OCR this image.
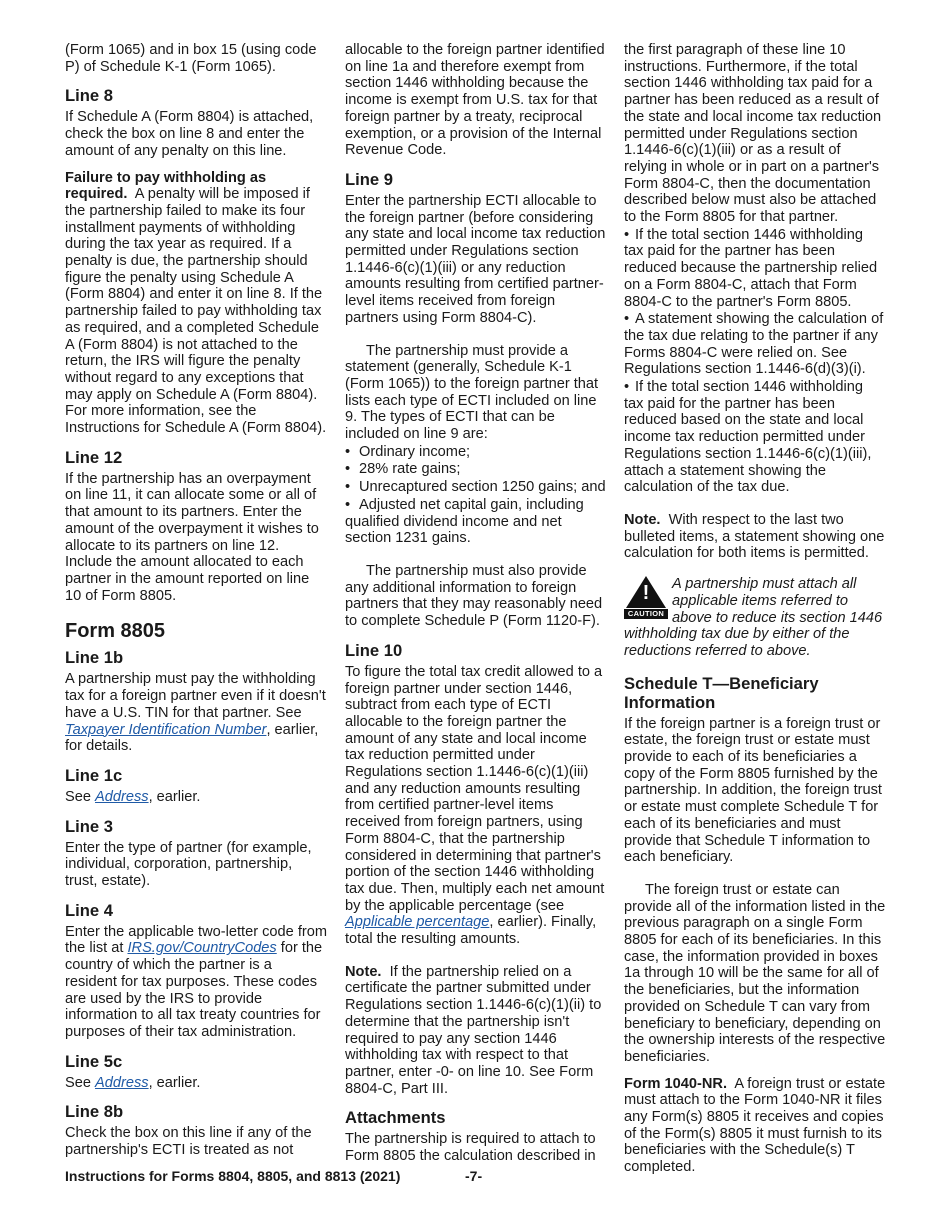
(Form 1065) and in box 15 (using code P) of Schedule K-1 (Form 1065).

Line 8

If Schedule A (Form 8804) is attached, check the box on line 8 and enter the amount of any penalty on this line.

Failure to pay withholding as required. A penalty will be imposed if the partnership failed to make its four installment payments of withholding during the tax year as required. If a penalty is due, the partnership should figure the penalty using Schedule A (Form 8804) and enter it on line 8. If the partnership failed to pay withholding tax as required, and a completed Schedule A (Form 8804) is not attached to the return, the IRS will figure the penalty without regard to any exceptions that may apply on Schedule A (Form 8804). For more information, see the Instructions for Schedule A (Form 8804).

Line 12

If the partnership has an overpayment on line 11, it can allocate some or all of that amount to its partners. Enter the amount of the overpayment it wishes to allocate to its partners on line 12. Include the amount allocated to each partner in the amount reported on line 10 of Form 8805.

Form 8805
Line 1b

A partnership must pay the withholding tax for a foreign partner even if it doesn't have a U.S. TIN for that partner. See Taxpayer Identification Number, earlier, for details.

Line 1c

See Address, earlier.

Line 3

Enter the type of partner (for example, individual, corporation, partnership, trust, estate).

Line 4

Enter the applicable two-letter code from the list at IRS.gov/CountryCodes for the country of which the partner is a resident for tax purposes. These codes are used by the IRS to provide information to all tax treaty countries for purposes of their tax administration.

Line 5c

See Address, earlier.

Line 8b

Check the box on this line if any of the partnership's ECTI is treated as not

allocable to the foreign partner identified on line 1a and therefore exempt from section 1446 withholding because the income is exempt from U.S. tax for that foreign partner by a treaty, reciprocal exemption, or a provision of the Internal Revenue Code.

Line 9

Enter the partnership ECTI allocable to the foreign partner (before considering any state and local income tax reduction permitted under Regulations section 1.1446-6(c)(1)(iii) or any reduction amounts resulting from certified partner-level items received from foreign partners using Form 8804-C).

The partnership must provide a statement (generally, Schedule K-1 (Form 1065)) to the foreign partner that lists each type of ECTI included on line 9. The types of ECTI that can be included on line 9 are:

• Ordinary income;
• 28% rate gains;
• Unrecaptured section 1250 gains; and
• Adjusted net capital gain, including qualified dividend income and net section 1231 gains.

The partnership must also provide any additional information to foreign partners that they may reasonably need to complete Schedule P (Form 1120-F).

Line 10

To figure the total tax credit allowed to a foreign partner under section 1446, subtract from each type of ECTI allocable to the foreign partner the amount of any state and local income tax reduction permitted under Regulations section 1.1446-6(c)(1)(iii) and any reduction amounts resulting from certified partner-level items received from foreign partners, using Form 8804-C, that the partnership considered in determining that partner's portion of the section 1446 withholding tax due. Then, multiply each net amount by the applicable percentage (see Applicable percentage, earlier). Finally, total the resulting amounts.

Note. If the partnership relied on a certificate the partner submitted under Regulations section 1.1446-6(c)(1)(ii) to determine that the partnership isn't required to pay any section 1446 withholding tax with respect to that partner, enter -0- on line 10. See Form 8804-C, Part III.

Attachments

The partnership is required to attach to Form 8805 the calculation described in

the first paragraph of these line 10 instructions. Furthermore, if the total section 1446 withholding tax paid for a partner has been reduced as a result of the state and local income tax reduction permitted under Regulations section 1.1446-6(c)(1)(iii) or as a result of relying in whole or in part on a partner's Form 8804-C, then the documentation described below must also be attached to the Form 8805 for that partner.

• If the total section 1446 withholding tax paid for the partner has been reduced because the partnership relied on a Form 8804-C, attach that Form 8804-C to the partner's Form 8805.
• A statement showing the calculation of the tax due relating to the partner if any Forms 8804-C were relied on. See Regulations section 1.1446-6(d)(3)(i).
• If the total section 1446 withholding tax paid for the partner has been reduced based on the state and local income tax reduction permitted under Regulations section 1.1446-6(c)(1)(iii), attach a statement showing the calculation of the tax due.

Note. With respect to the last two bulleted items, a statement showing one calculation for both items is permitted.

!
CAUTION
A partnership must attach all applicable items referred to above to reduce its section 1446 withholding tax due by either of the reductions referred to above.
Schedule T—Beneficiary Information

If the foreign partner is a foreign trust or estate, the foreign trust or estate must provide to each of its beneficiaries a copy of the Form 8805 furnished by the partnership. In addition, the foreign trust or estate must complete Schedule T for each of its beneficiaries and must provide that Schedule T information to each beneficiary.

The foreign trust or estate can provide all of the information listed in the previous paragraph on a single Form 8805 for each of its beneficiaries. In this case, the information provided in boxes 1a through 10 will be the same for all of the beneficiaries, but the information provided on Schedule T can vary from beneficiary to beneficiary, depending on the ownership interests of the respective beneficiaries.

Form 1040-NR. A foreign trust or estate must attach to the Form 1040-NR it files any Form(s) 8805 it receives and copies of the Form(s) 8805 it must furnish to its beneficiaries with the Schedule(s) T completed.

Instructions for Forms 8804, 8805, and 8813 (2021)	-7-
